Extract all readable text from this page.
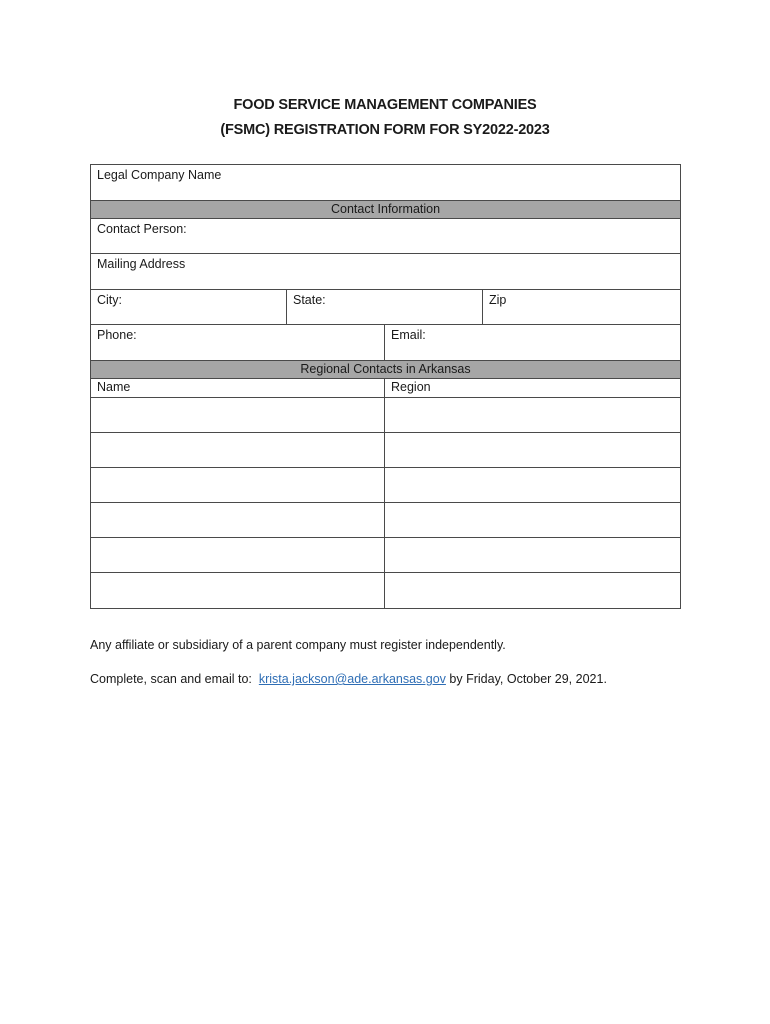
FOOD SERVICE MANAGEMENT COMPANIES
(FSMC) REGISTRATION FORM FOR SY2022-2023
Legal Company Name			
Contact Information			
Contact Person:			
Mailing Address			
City:	State:		Zip
Phone:		Email:	
Regional Contacts in Arkansas			
Name		Region	

Any affiliate or subsidiary of a parent company must register independently.
Complete, scan and email to: krista.jackson@ade.arkansas.gov by Friday, October 29, 2021.
